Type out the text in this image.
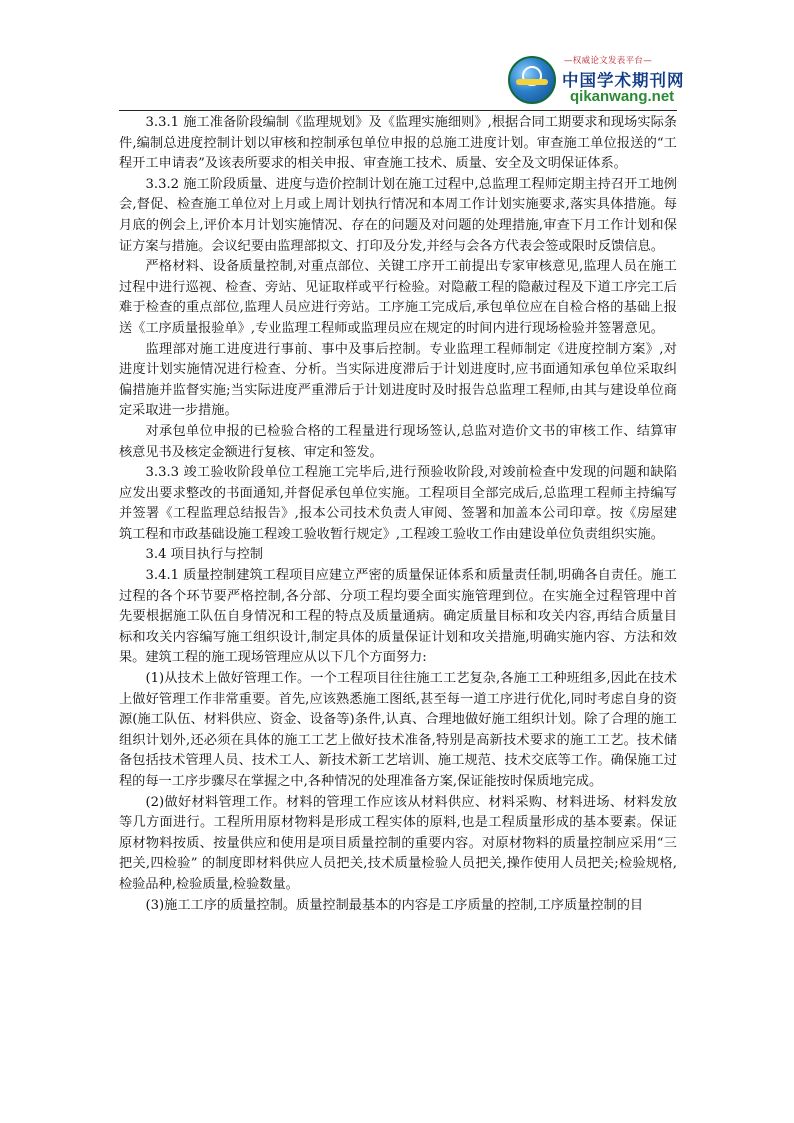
—权威论文发表平台—
中国学术期刊网
qikanwang.net

3.3.1 施工准备阶段编制《监理规划》及《监理实施细则》,根据合同工期要求和现场实际条件,编制总进度控制计划以审核和控制承包单位申报的总施工进度计划。审查施工单位报送的“工程开工申请表”及该表所要求的相关申报、审查施工技术、质量、安全及文明保证体系。

3.3.2 施工阶段质量、进度与造价控制计划在施工过程中,总监理工程师定期主持召开工地例会,督促、检查施工单位对上月或上周计划执行情况和本周工作计划实施要求,落实具体措施。每月底的例会上,评价本月计划实施情况、存在的问题及对问题的处理措施,审查下月工作计划和保证方案与措施。会议纪要由监理部拟文、打印及分发,并经与会各方代表会签或限时反馈信息。

严格材料、设备质量控制,对重点部位、关键工序开工前提出专家审核意见,监理人员在施工过程中进行巡视、检查、旁站、见证取样或平行检验。对隐蔽工程的隐蔽过程及下道工序完工后难于检查的重点部位,监理人员应进行旁站。工序施工完成后,承包单位应在自检合格的基础上报送《工序质量报验单》,专业监理工程师或监理员应在规定的时间内进行现场检验并签署意见。

监理部对施工进度进行事前、事中及事后控制。专业监理工程师制定《进度控制方案》,对进度计划实施情况进行检查、分析。当实际进度滞后于计划进度时,应书面通知承包单位采取纠偏措施并监督实施;当实际进度严重滞后于计划进度时及时报告总监理工程师,由其与建设单位商定采取进一步措施。

对承包单位申报的已检验合格的工程量进行现场签认,总监对造价文书的审核工作、结算审核意见书及核定金额进行复核、审定和签发。

3.3.3 竣工验收阶段单位工程施工完毕后,进行预验收阶段,对竣前检查中发现的问题和缺陷应发出要求整改的书面通知,并督促承包单位实施。工程项目全部完成后,总监理工程师主持编写并签署《工程监理总结报告》,报本公司技术负责人审阅、签署和加盖本公司印章。按《房屋建筑工程和市政基础设施工程竣工验收暂行规定》,工程竣工验收工作由建设单位负责组织实施。

3.4 项目执行与控制

3.4.1 质量控制建筑工程项目应建立严密的质量保证体系和质量责任制,明确各自责任。施工过程的各个环节要严格控制,各分部、分项工程均要全面实施管理到位。在实施全过程管理中首先要根据施工队伍自身情况和工程的特点及质量通病。确定质量目标和攻关内容,再结合质量目标和攻关内容编写施工组织设计,制定具体的质量保证计划和攻关措施,明确实施内容、方法和效果。建筑工程的施工现场管理应从以下几个方面努力:

(1)从技术上做好管理工作。一个工程项目往往施工工艺复杂,各施工工种班组多,因此在技术上做好管理工作非常重要。首先,应该熟悉施工图纸,甚至每一道工序进行优化,同时考虑自身的资源(施工队伍、材料供应、资金、设备等)条件,认真、合理地做好施工组织计划。除了合理的施工组织计划外,还必须在具体的施工工艺上做好技术准备,特别是高新技术要求的施工工艺。技术储备包括技术管理人员、技术工人、新技术新工艺培训、施工规范、技术交底等工作。确保施工过程的每一工序步骤尽在掌握之中,各种情况的处理准备方案,保证能按时保质地完成。

(2)做好材料管理工作。材料的管理工作应该从材料供应、材料采购、材料进场、材料发放等几方面进行。工程所用原材物料是形成工程实体的原料,也是工程质量形成的基本要素。保证原材物料按质、按量供应和使用是项目质量控制的重要内容。对原材物料的质量控制应采用“三把关,四检验” 的制度即材料供应人员把关,技术质量检验人员把关,操作使用人员把关;检验规格,检验品种,检验质量,检验数量。

(3)施工工序的质量控制。质量控制最基本的内容是工序质量的控制,工序质量控制的目
